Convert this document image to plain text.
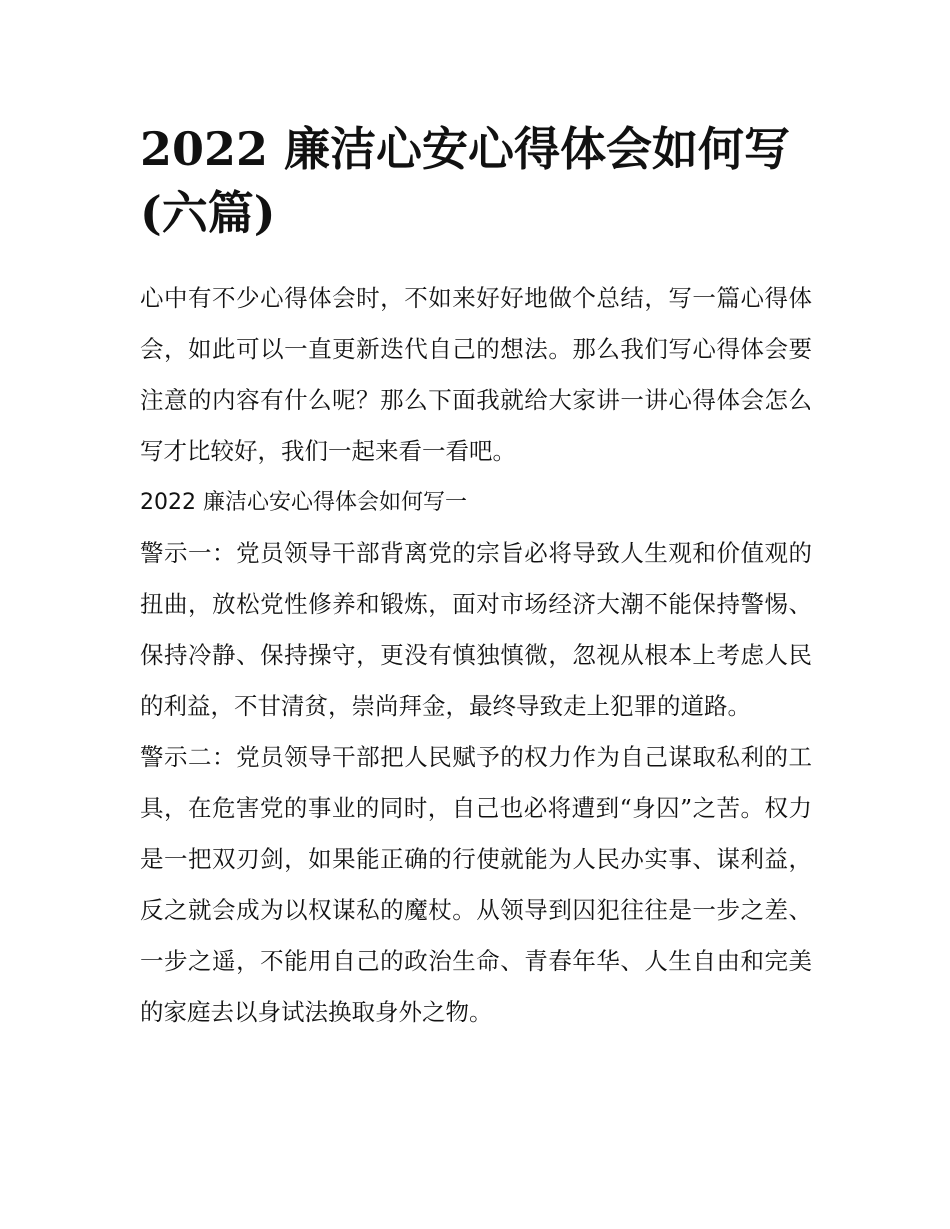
2022 廉洁心安心得体会如何写(六篇)

心中有不少心得体会时，不如来好好地做个总结，写一篇心得体会，如此可以一直更新迭代自己的想法。那么我们写心得体会要注意的内容有什么呢？那么下面我就给大家讲一讲心得体会怎么写才比较好，我们一起来看一看吧。

2022 廉洁心安心得体会如何写一

警示一：党员领导干部背离党的宗旨必将导致人生观和价值观的扭曲，放松党性修养和锻炼，面对市场经济大潮不能保持警惕、保持冷静、保持操守，更没有慎独慎微，忽视从根本上考虑人民的利益，不甘清贫，崇尚拜金，最终导致走上犯罪的道路。

警示二：党员领导干部把人民赋予的权力作为自己谋取私利的工具，在危害党的事业的同时，自己也必将遭到“身囚”之苦。权力是一把双刃剑，如果能正确的行使就能为人民办实事、谋利益，反之就会成为以权谋私的魔杖。从领导到囚犯往往是一步之差、一步之遥，不能用自己的政治生命、青春年华、人生自由和完美的家庭去以身试法换取身外之物。
